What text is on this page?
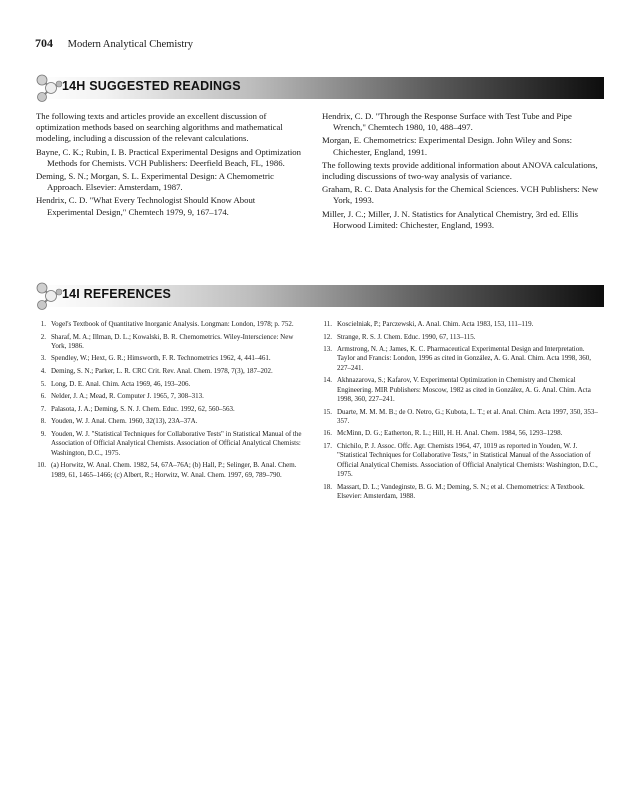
704 Modern Analytical Chemistry
14H SUGGESTED READINGS

The following texts and articles provide an excellent discussion of optimization methods based on searching algorithms and mathematical modeling, including a discussion of the relevant calculations.

Bayne, C. K.; Rubin, I. B. Practical Experimental Designs and Optimization Methods for Chemists. VCH Publishers: Deerfield Beach, FL, 1986.

Deming, S. N.; Morgan, S. L. Experimental Design: A Chemometric Approach. Elsevier: Amsterdam, 1987.

Hendrix, C. D. "What Every Technologist Should Know About Experimental Design," Chemtech 1979, 9, 167–174.

Hendrix, C. D. "Through the Response Surface with Test Tube and Pipe Wrench," Chemtech 1980, 10, 488–497.

Morgan, E. Chemometrics: Experimental Design. John Wiley and Sons: Chichester, England, 1991.

The following texts provide additional information about ANOVA calculations, including discussions of two-way analysis of variance.

Graham, R. C. Data Analysis for the Chemical Sciences. VCH Publishers: New York, 1993.

Miller, J. C.; Miller, J. N. Statistics for Analytical Chemistry, 3rd ed. Ellis Horwood Limited: Chichester, England, 1993.

14I REFERENCES
1. Vogel's Textbook of Quantitative Inorganic Analysis. Longman: London, 1978; p. 752.
2. Sharaf, M. A.; Illman, D. L.; Kowalski, B. R. Chemometrics. Wiley-Interscience: New York, 1986.
3. Spendley, W.; Hext, G. R.; Himsworth, F. R. Technometrics 1962, 4, 441–461.
4. Deming, S. N.; Parker, L. R. CRC Crit. Rev. Anal. Chem. 1978, 7(3), 187–202.
5. Long, D. E. Anal. Chim. Acta 1969, 46, 193–206.
6. Nelder, J. A.; Mead, R. Computer J. 1965, 7, 308–313.
7. Palasota, J. A.; Deming, S. N. J. Chem. Educ. 1992, 62, 560–563.
8. Youden, W. J. Anal. Chem. 1960, 32(13), 23A–37A.
9. Youden, W. J. "Statistical Techniques for Collaborative Tests" in Statistical Manual of the Association of Official Analytical Chemists. Association of Official Analytical Chemists: Washington, D.C., 1975.
10. (a) Horwitz, W. Anal. Chem. 1982, 54, 67A–76A; (b) Hall, P.; Selinger, B. Anal. Chem. 1989, 61, 1465–1466; (c) Albert, R.; Horwitz, W. Anal. Chem. 1997, 69, 789–790.
11. Koscielniak, P.; Parczewski, A. Anal. Chim. Acta 1983, 153, 111–119.
12. Strange, R. S. J. Chem. Educ. 1990, 67, 113–115.
13. Armstrong, N. A.; James, K. C. Pharmaceutical Experimental Design and Interpretation. Taylor and Francis: London, 1996 as cited in González, A. G. Anal. Chim. Acta 1998, 360, 227–241.
14. Akhnazarova, S.; Kafarov, V. Experimental Optimization in Chemistry and Chemical Engineering. MIR Publishers: Moscow, 1982 as cited in González, A. G. Anal. Chim. Acta 1998, 360, 227–241.
15. Duarte, M. M. M. B.; de O. Netro, G.; Kubota, L. T.; et al. Anal. Chim. Acta 1997, 350, 353–357.
16. McMinn, D. G.; Eatherton, R. L.; Hill, H. H. Anal. Chem. 1984, 56, 1293–1298.
17. Chichilo, P. J. Assoc. Offc. Agr. Chemists 1964, 47, 1019 as reported in Youden, W. J. "Statistical Techniques for Collaborative Tests," in Statistical Manual of the Association of Official Analytical Chemists. Association of Official Analytical Chemists: Washington, D.C., 1975.
18. Massart, D. L.; Vandeginste, B. G. M.; Deming, S. N.; et al. Chemometrics: A Textbook. Elsevier: Amsterdam, 1988.
